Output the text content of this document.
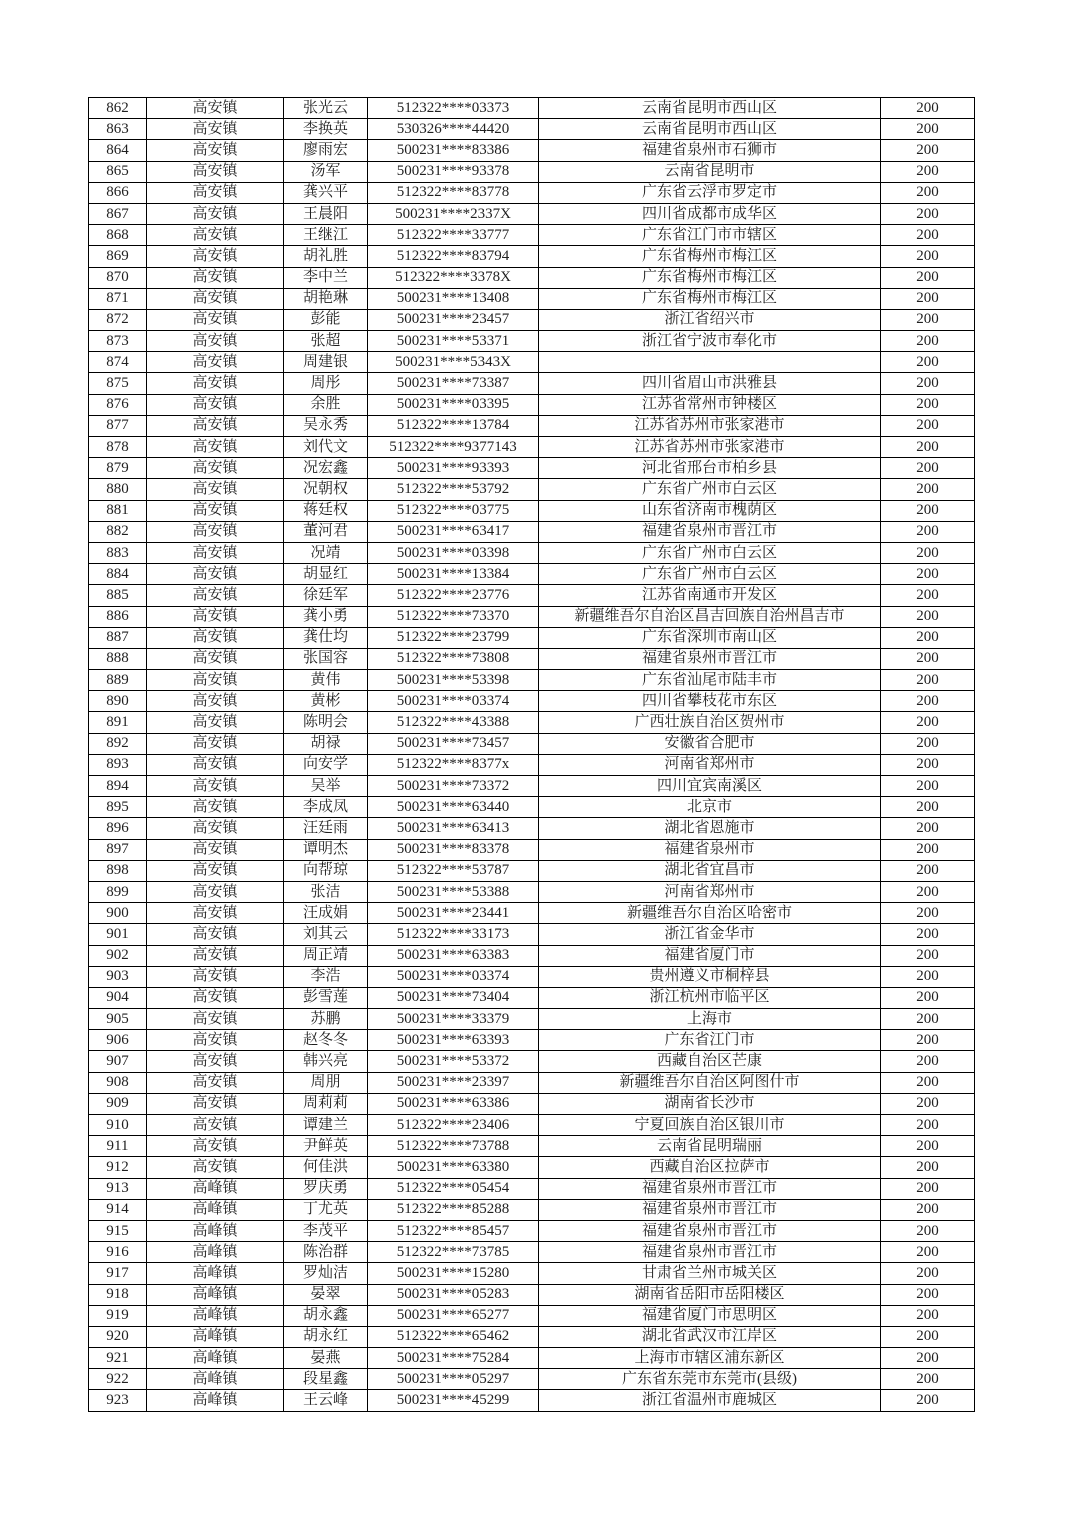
862	高安镇	张光云	512322****03373	云南省昆明市西山区	200
863	高安镇	李换英	530326****44420	云南省昆明市西山区	200
864	高安镇	廖雨宏	500231****83386	福建省泉州市石狮市	200
865	高安镇	汤军	500231****93378	云南省昆明市	200
866	高安镇	龚兴平	512322****83778	广东省云浮市罗定市	200
867	高安镇	王晨阳	500231****2337X	四川省成都市成华区	200
868	高安镇	王继江	512322****33777	广东省江门市市辖区	200
869	高安镇	胡礼胜	512322****83794	广东省梅州市梅江区	200
870	高安镇	李中兰	512322****3378X	广东省梅州市梅江区	200
871	高安镇	胡艳琳	500231****13408	广东省梅州市梅江区	200
872	高安镇	彭能	500231****23457	浙江省绍兴市	200
873	高安镇	张超	500231****53371	浙江省宁波市奉化市	200
874	高安镇	周建银	500231****5343X		200
875	高安镇	周彤	500231****73387	四川省眉山市洪雅县	200
876	高安镇	余胜	500231****03395	江苏省常州市钟楼区	200
877	高安镇	吴永秀	512322****13784	江苏省苏州市张家港市	200
878	高安镇	刘代文	512322****9377143	江苏省苏州市张家港市	200
879	高安镇	况宏鑫	500231****93393	河北省邢台市柏乡县	200
880	高安镇	况朝权	512322****53792	广东省广州市白云区	200
881	高安镇	蒋廷权	512322****03775	山东省济南市槐荫区	200
882	高安镇	董河君	500231****63417	福建省泉州市晋江市	200
883	高安镇	况靖	500231****03398	广东省广州市白云区	200
884	高安镇	胡显红	500231****13384	广东省广州市白云区	200
885	高安镇	徐廷军	512322****23776	江苏省南通市开发区	200
886	高安镇	龚小勇	512322****73370	新疆维吾尔自治区昌吉回族自治州昌吉市	200
887	高安镇	龚仕均	512322****23799	广东省深圳市南山区	200
888	高安镇	张国容	512322****73808	福建省泉州市晋江市	200
889	高安镇	黄伟	500231****53398	广东省汕尾市陆丰市	200
890	高安镇	黄彬	500231****03374	四川省攀枝花市东区	200
891	高安镇	陈明会	512322****43388	广西壮族自治区贺州市	200
892	高安镇	胡禄	500231****73457	安徽省合肥市	200
893	高安镇	向安学	512322****8377x	河南省郑州市	200
894	高安镇	吴举	500231****73372	四川宜宾南溪区	200
895	高安镇	李成凤	500231****63440	北京市	200
896	高安镇	汪廷雨	500231****63413	湖北省恩施市	200
897	高安镇	谭明杰	500231****83378	福建省泉州市	200
898	高安镇	向帮琼	512322****53787	湖北省宜昌市	200
899	高安镇	张洁	500231****53388	河南省郑州市	200
900	高安镇	汪成娟	500231****23441	新疆维吾尔自治区哈密市	200
901	高安镇	刘其云	512322****33173	浙江省金华市	200
902	高安镇	周正靖	500231****63383	福建省厦门市	200
903	高安镇	李浩	500231****03374	贵州遵义市桐梓县	200
904	高安镇	彭雪莲	500231****73404	浙江杭州市临平区	200
905	高安镇	苏鹏	500231****33379	上海市	200
906	高安镇	赵冬冬	500231****63393	广东省江门市	200
907	高安镇	韩兴亮	500231****53372	西藏自治区芒康	200
908	高安镇	周朋	500231****23397	新疆维吾尔自治区阿图什市	200
909	高安镇	周莉莉	500231****63386	湖南省长沙市	200
910	高安镇	谭建兰	512322****23406	宁夏回族自治区银川市	200
911	高安镇	尹鲜英	512322****73788	云南省昆明瑞丽	200
912	高安镇	何佳洪	500231****63380	西藏自治区拉萨市	200
913	高峰镇	罗庆勇	512322****05454	福建省泉州市晋江市	200
914	高峰镇	丁尤英	512322****85288	福建省泉州市晋江市	200
915	高峰镇	李茂平	512322****85457	福建省泉州市晋江市	200
916	高峰镇	陈治群	512322****73785	福建省泉州市晋江市	200
917	高峰镇	罗灿洁	500231****15280	甘肃省兰州市城关区	200
918	高峰镇	晏翠	500231****05283	湖南省岳阳市岳阳楼区	200
919	高峰镇	胡永鑫	500231****65277	福建省厦门市思明区	200
920	高峰镇	胡永红	512322****65462	湖北省武汉市江岸区	200
921	高峰镇	晏燕	500231****75284	上海市市辖区浦东新区	200
922	高峰镇	段星鑫	500231****05297	广东省东莞市东莞市(县级)	200
923	高峰镇	王云峰	500231****45299	浙江省温州市鹿城区	200
